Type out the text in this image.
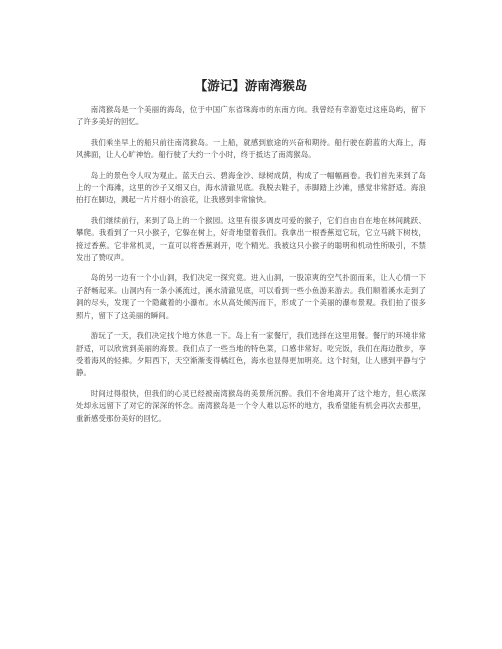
【游记】游南湾猴岛

南湾猴岛是一个美丽的海岛，位于中国广东省珠海市的东南方向。我曾经有幸游览过这座岛屿，留下了许多美好的回忆。

我们乘坐早上的船只前往南湾猴岛。一上船，就感到旅途的兴奋和期待。船行驶在蔚蓝的大海上，海风拂面，让人心旷神怡。船行驶了大约一个小时，终于抵达了南湾猴岛。

岛上的景色令人叹为观止。蓝天白云、碧海金沙、绿树成荫，构成了一幅幅画卷。我们首先来到了岛上的一个海滩，这里的沙子又细又白，海水清澈见底。我脱去鞋子，赤脚踏上沙滩，感觉非常舒适。海浪拍打在脚边，溅起一片片细小的浪花，让我感到非常愉快。

我们继续前行，来到了岛上的一个猴园。这里有很多调皮可爱的猴子，它们自由自在地在林间跳跃、攀爬。我看到了一只小猴子，它躲在树上，好奇地望着我们。我拿出一根香蕉逗它玩，它立马跳下树枝，接过香蕉。它非常机灵，一直可以将香蕉剥开，吃个精光。我被这只小猴子的聪明和机动性所吸引，不禁发出了赞叹声。

岛的另一边有一个小山洞，我们决定一探究竟。进入山洞，一股凉爽的空气扑面而来，让人心情一下子舒畅起来。山洞内有一条小溪流过，溪水清澈见底，可以看到一些小鱼游来游去。我们顺着溪水走到了洞的尽头，发现了一个隐藏着的小瀑布。水从高处倾泻而下，形成了一个美丽的瀑布景观。我们拍了很多照片，留下了这美丽的瞬间。

游玩了一天，我们决定找个地方休息一下。岛上有一家餐厅，我们选择在这里用餐。餐厅的环境非常舒适，可以欣赏到美丽的海景。我们点了一些当地的特色菜，口感非常好。吃完饭，我们在海边散步，享受着海风的轻拂。夕阳西下，天空渐渐变得橘红色，海水也显得更加明亮。这个时刻，让人感到平静与宁静。

时间过得很快，但我们的心灵已经被南湾猴岛的美景所沉醉。我们不舍地离开了这个地方，但心底深处却永远留下了对它的深深的怀念。南湾猴岛是一个令人难以忘怀的地方，我希望能有机会再次去那里，重新感受那份美好的回忆。
